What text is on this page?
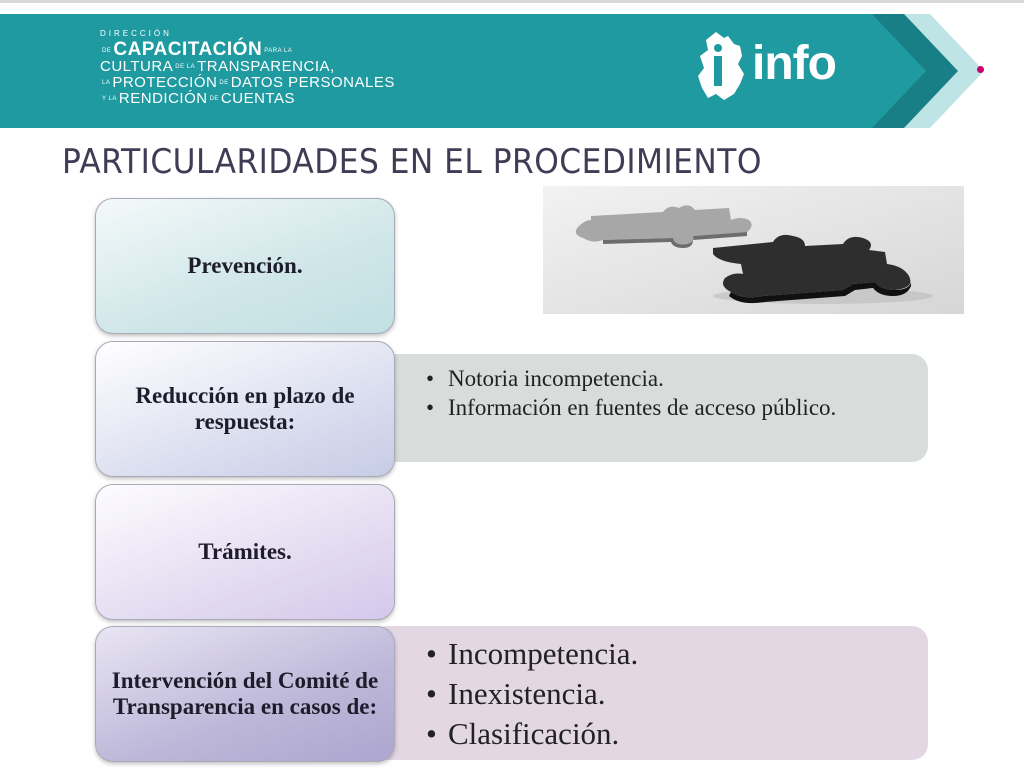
DIRECCIÓN
DE CAPACITACIÓN PARA LA
CULTURA DE LA TRANSPARENCIA,
LA PROTECCIÓN DE DATOS PERSONALES
Y LA RENDICIÓN DE CUENTAS
info
PARTICULARIDADES EN EL PROCEDIMIENTO
• Notoria incompetencia.
• Información en fuentes de acceso público.
• Incompetencia.
• Inexistencia.
• Clasificación.
Prevención.
Reducción en plazo de respuesta:
Trámites.
Intervención del Comité de Transparencia en casos de:
